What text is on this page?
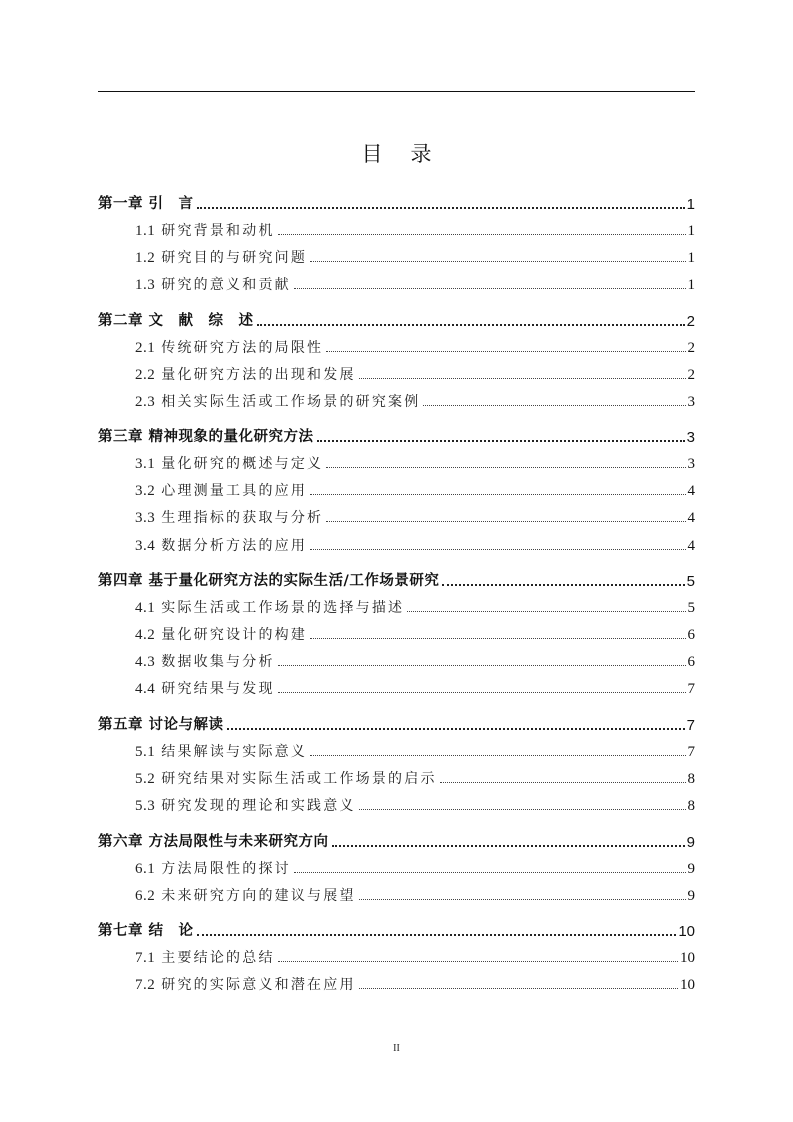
目录
第一章 引　言	1
1.1 研究背景和动机	1
1.2 研究目的与研究问题	1
1.3 研究的意义和贡献	1
第二章 文　献　综　述	2
2.1 传统研究方法的局限性	2
2.2 量化研究方法的出现和发展	2
2.3 相关实际生活或工作场景的研究案例	3
第三章 精神现象的量化研究方法	3
3.1 量化研究的概述与定义	3
3.2 心理测量工具的应用	4
3.3 生理指标的获取与分析	4
3.4 数据分析方法的应用	4
第四章 基于量化研究方法的实际生活/工作场景研究	5
4.1 实际生活或工作场景的选择与描述	5
4.2 量化研究设计的构建	6
4.3 数据收集与分析	6
4.4 研究结果与发现	7
第五章 讨论与解读	7
5.1 结果解读与实际意义	7
5.2 研究结果对实际生活或工作场景的启示	8
5.3 研究发现的理论和实践意义	8
第六章 方法局限性与未来研究方向	9
6.1 方法局限性的探讨	9
6.2 未来研究方向的建议与展望	9
第七章 结　论	10
7.1 主要结论的总结	10
7.2 研究的实际意义和潜在应用	10
II
